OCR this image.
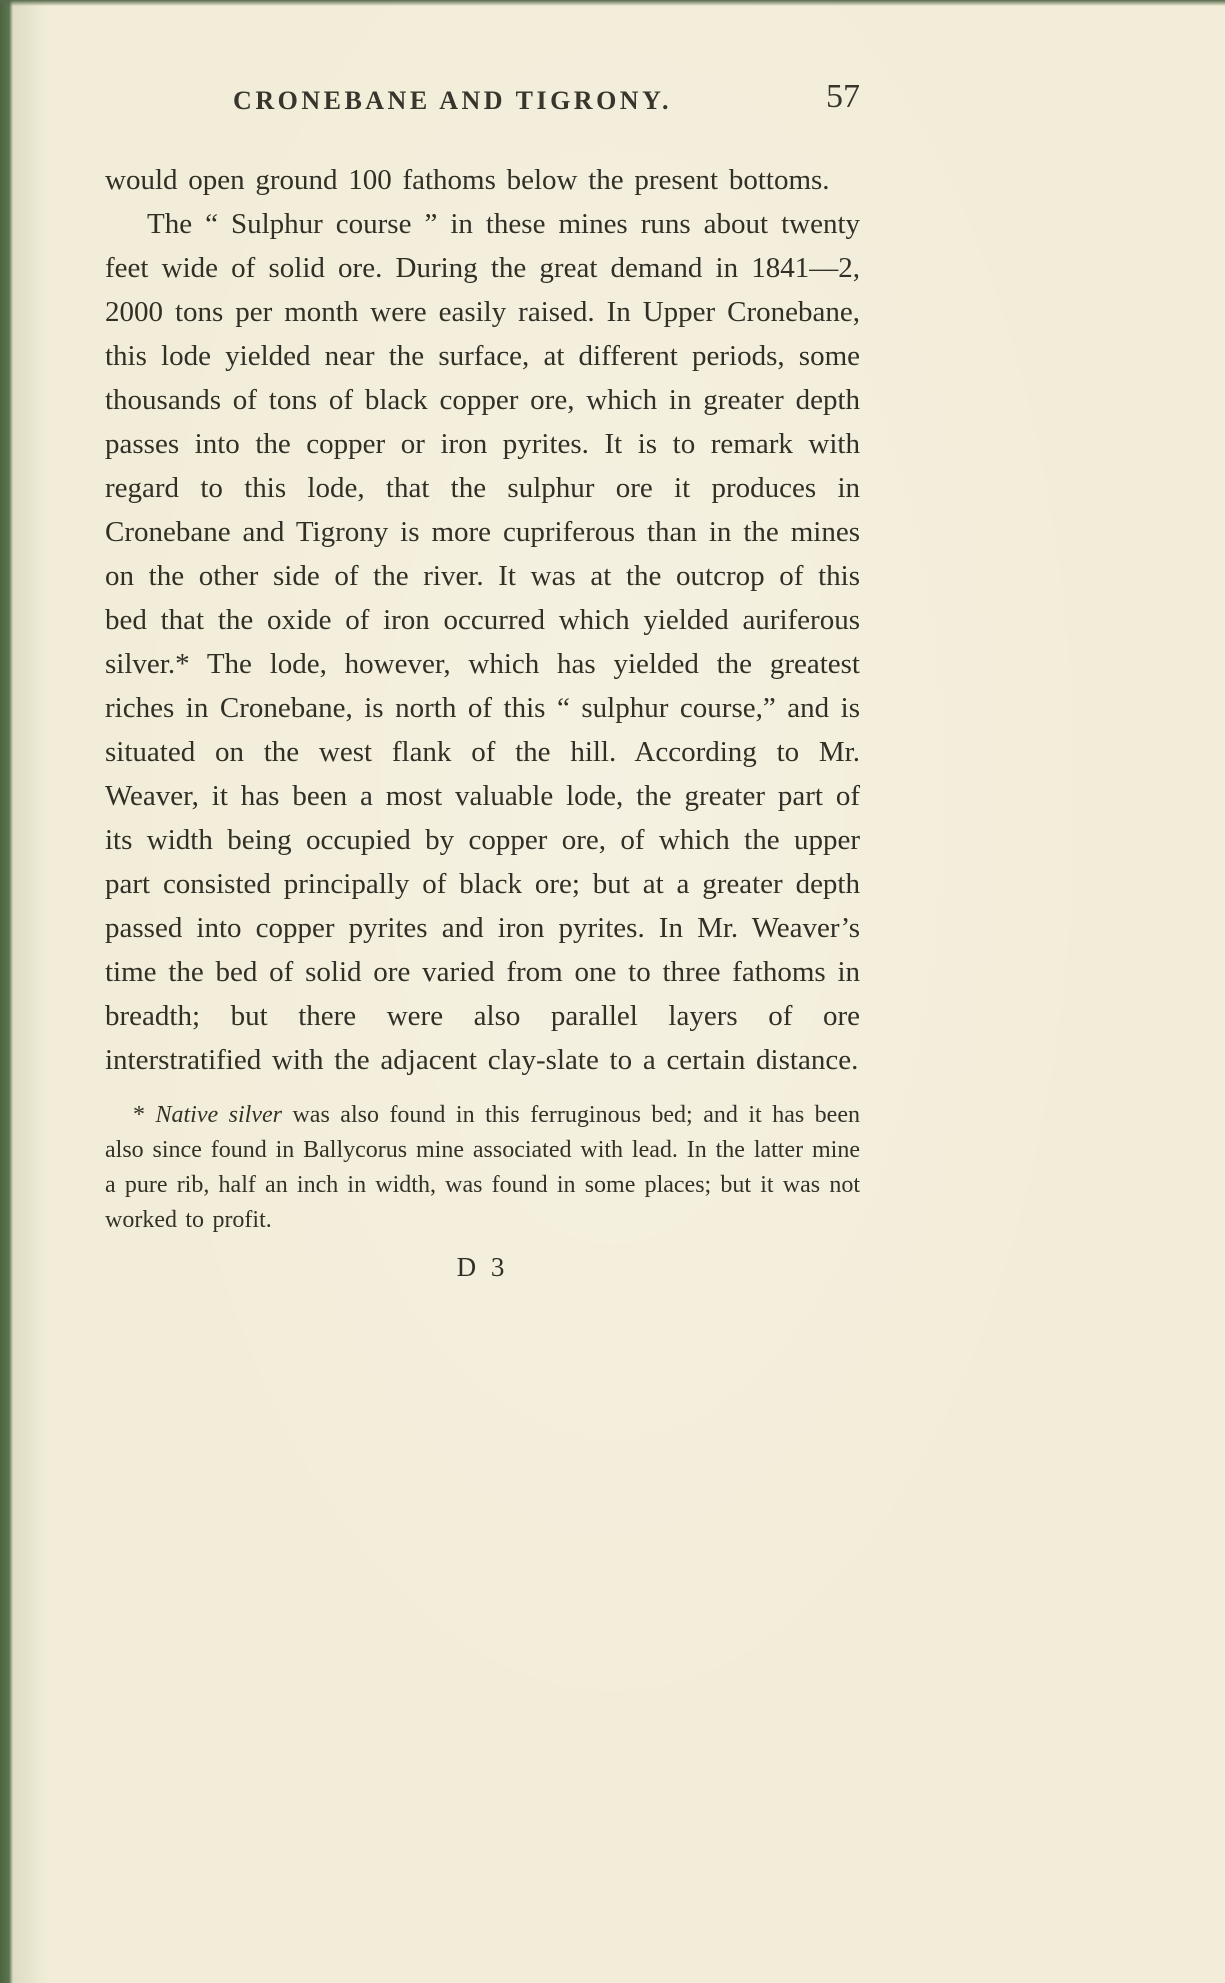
CRONEBANE AND TIGRONY.	57

would open ground 100 fathoms below the present bottoms.

The “ Sulphur course ” in these mines runs about twenty feet wide of solid ore. During the great demand in 1841—2, 2000 tons per month were easily raised. In Upper Cronebane, this lode yielded near the surface, at different periods, some thousands of tons of black copper ore, which in greater depth passes into the copper or iron pyrites. It is to remark with regard to this lode, that the sulphur ore it produces in Cronebane and Tigrony is more cupriferous than in the mines on the other side of the river. It was at the outcrop of this bed that the oxide of iron occurred which yielded auriferous silver.* The lode, however, which has yielded the greatest riches in Cronebane, is north of this “ sulphur course,” and is situated on the west flank of the hill. According to Mr. Weaver, it has been a most valuable lode, the greater part of its width being occupied by copper ore, of which the upper part consisted principally of black ore; but at a greater depth passed into copper pyrites and iron pyrites. In Mr. Weaver’s time the bed of solid ore varied from one to three fathoms in breadth; but there were also parallel layers of ore interstratified with the adjacent clay-slate to a certain distance.

* Native silver was also found in this ferruginous bed; and it has been also since found in Ballycorus mine associated with lead. In the latter mine a pure rib, half an inch in width, was found in some places; but it was not worked to profit.
D 3
